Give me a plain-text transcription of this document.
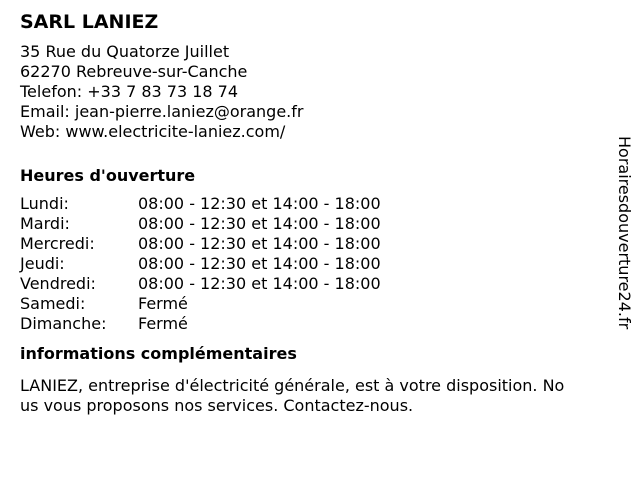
SARL LANIEZ
35 Rue du Quatorze Juillet
62270 Rebreuve-sur-Canche
Telefon: +33 7 83 73 18 74
Email: jean-pierre.laniez@orange.fr
Web: www.electricite-laniez.com/
Heures d'ouverture
Lundi:	08:00 - 12:30 et 14:00 - 18:00
Mardi:	08:00 - 12:30 et 14:00 - 18:00
Mercredi:	08:00 - 12:30 et 14:00 - 18:00
Jeudi:	08:00 - 12:30 et 14:00 - 18:00
Vendredi:	08:00 - 12:30 et 14:00 - 18:00
Samedi:	Fermé
Dimanche:	Fermé
informations complémentaires
LANIEZ, entreprise d'électricité générale, est à votre disposition. Nous vous proposons nos services. Contactez-nous.
Horairesdouverture24.fr
